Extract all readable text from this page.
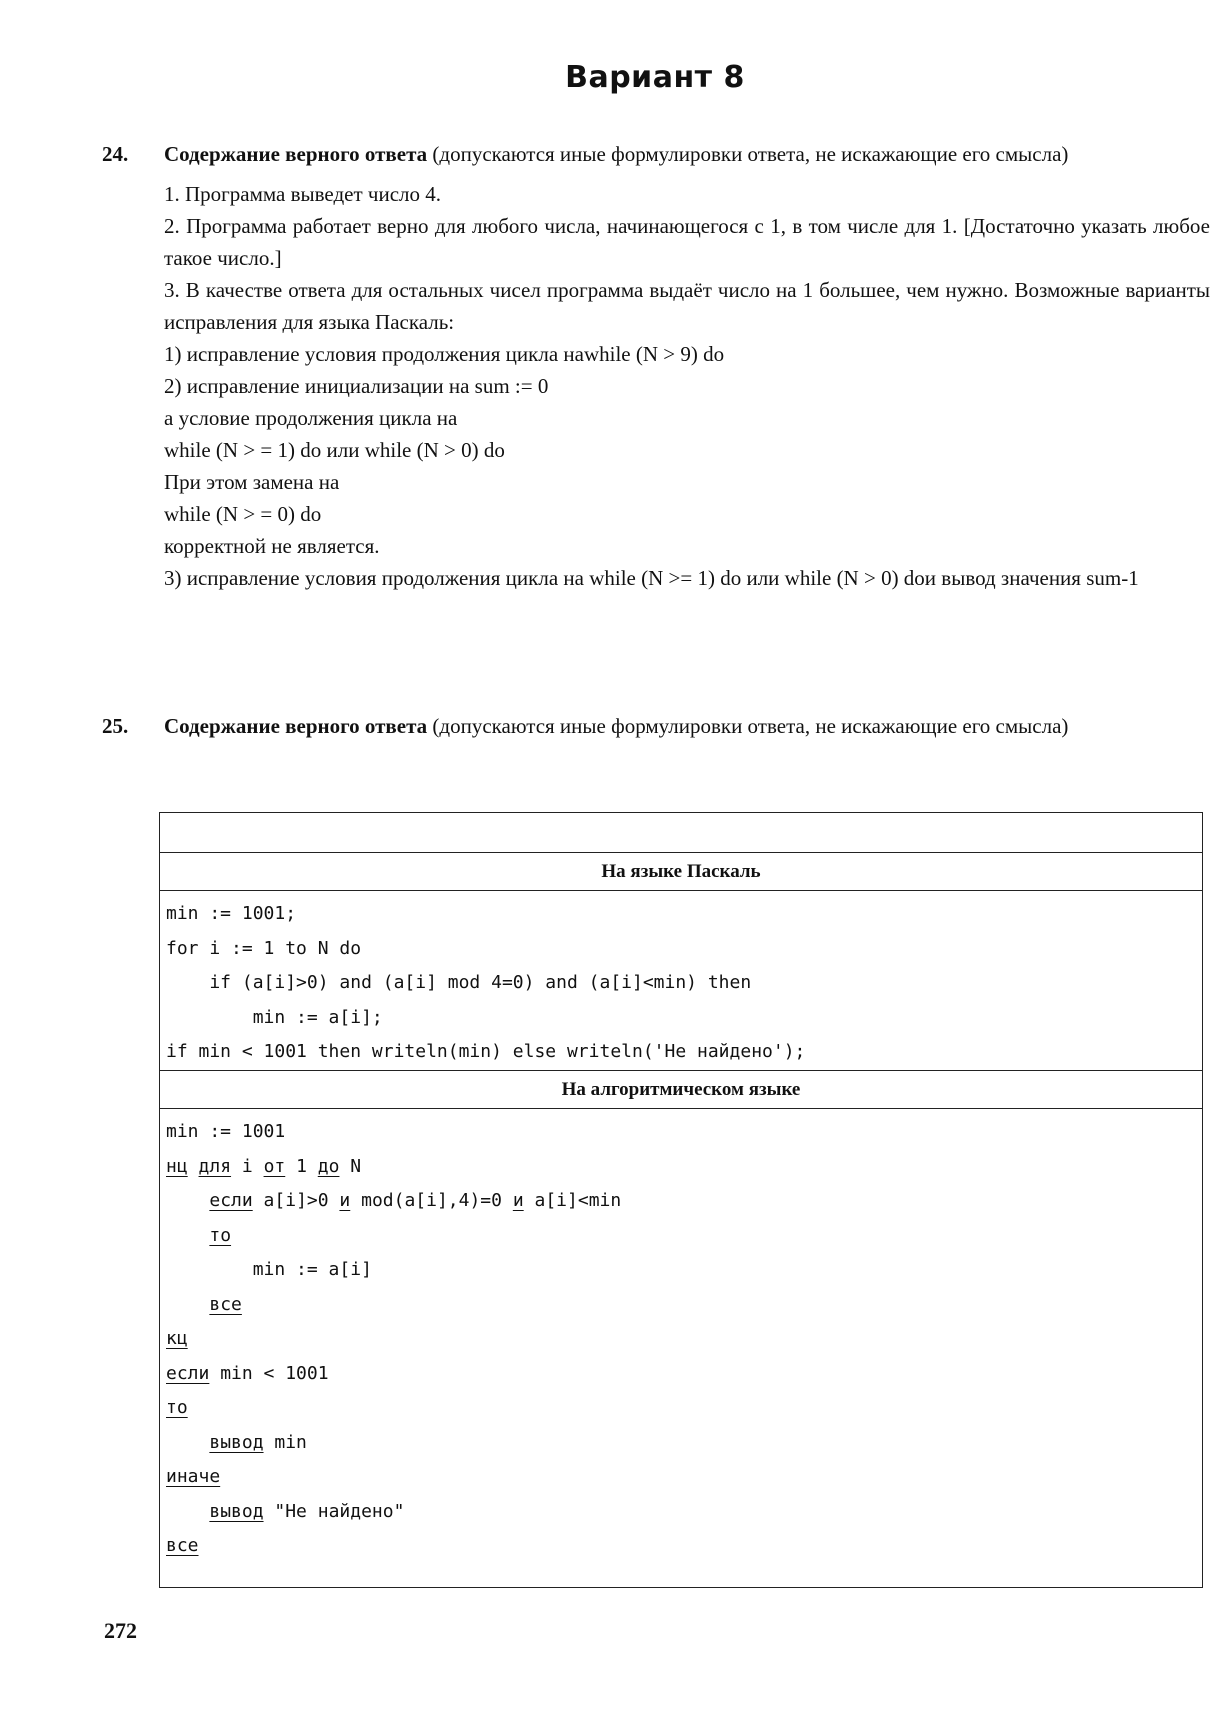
Вариант 8
24. Содержание верного ответа (допускаются иные формулировки ответа, не искажающие его смысла)

1. Программа выведет число 4.

2. Программа работает верно для любого числа, начинающегося с 1, в том числе для 1. [Достаточно указать любое такое число.]

3. В качестве ответа для остальных чисел программа выдаёт число на 1 большее, чем нужно. Возможные варианты исправления для языка Паскаль:

1) исправление условия продолжения цикла наwhile (N > 9) do

2) исправление инициализации на sum := 0

а условие продолжения цикла на

while (N > = 1) do или while (N > 0) do

При этом замена на

while (N > = 0) do

корректной не является.

3) исправление условия продолжения цикла на while (N >= 1) do или while (N > 0) doи вывод значения sum-1

25. Содержание верного ответа (допускаются иные формулировки ответа, не искажающие его смысла)

На языке Паскаль
min := 1001;
for i := 1 to N do
if (a[i]>0) and (a[i] mod 4=0) and (a[i]<min) then
min := a[i];
if min < 1001 then writeln(min) else writeln('Не найдено');
На алгоритмическом языке
min := 1001
нц для i от 1 до N
если a[i]>0 и mod(a[i],4)=0 и a[i]<min
то
min := a[i]
все
кц
если min < 1001
то
вывод min
иначе
вывод "Не найдено"
все
272
